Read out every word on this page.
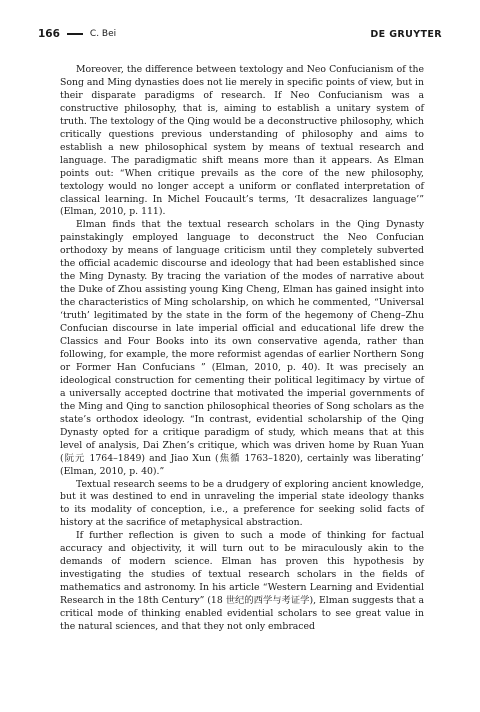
166	C. Bei	DE GRUYTER

Moreover, the difference between textology and Neo Confucianism of the Song and Ming dynasties does not lie merely in specific points of view, but in their disparate paradigms of research. If Neo Confucianism was a constructive philosophy, that is, aiming to establish a unitary system of truth. The textology of the Qing would be a deconstructive philosophy, which critically questions previous understanding of philosophy and aims to establish a new philosophical system by means of textual research and language. The paradigmatic shift means more than it appears. As Elman points out: “When critique prevails as the core of the new philosophy, textology would no longer accept a uniform or conflated interpretation of classical learning. In Michel Foucault’s terms, ‘It desacralizes language’” (Elman, 2010, p. 111).

Elman finds that the textual research scholars in the Qing Dynasty painstakingly employed language to deconstruct the Neo Confucian orthodoxy by means of language criticism until they completely subverted the official academic discourse and ideology that had been established since the Ming Dynasty. By tracing the variation of the modes of narrative about the Duke of Zhou assisting young King Cheng, Elman has gained insight into the characteristics of Ming scholarship, on which he commented, “Universal ‘truth’ legitimated by the state in the form of the hegemony of Cheng–Zhu Confucian discourse in late imperial official and educational life drew the Classics and Four Books into its own conservative agenda, rather than following, for example, the more reformist agendas of earlier Northern Song or Former Han Confucians ” (Elman, 2010, p. 40). It was precisely an ideological construction for cementing their political legitimacy by virtue of a universally accepted doctrine that motivated the imperial governments of the Ming and Qing to sanction philosophical theories of Song scholars as the state’s orthodox ideology. “In contrast, evidential scholarship of the Qing Dynasty opted for a critique paradigm of study, which means that at this level of analysis, Dai Zhen’s critique, which was driven home by Ruan Yuan (阮元 1764–1849) and Jiao Xun (焦循 1763–1820), certainly was liberating’ (Elman, 2010, p. 40).”

Textual research seems to be a drudgery of exploring ancient knowledge, but it was destined to end in unraveling the imperial state ideology thanks to its modality of conception, i.e., a preference for seeking solid facts of history at the sacrifice of metaphysical abstraction.

If further reflection is given to such a mode of thinking for factual accuracy and objectivity, it will turn out to be miraculously akin to the demands of modern science. Elman has proven this hypothesis by investigating the studies of textual research scholars in the fields of mathematics and astronomy. In his article “Western Learning and Evidential Research in the 18th Century” (18 世纪的西学与考证学), Elman suggests that a critical mode of thinking enabled evidential scholars to see great value in the natural sciences, and that they not only embraced
